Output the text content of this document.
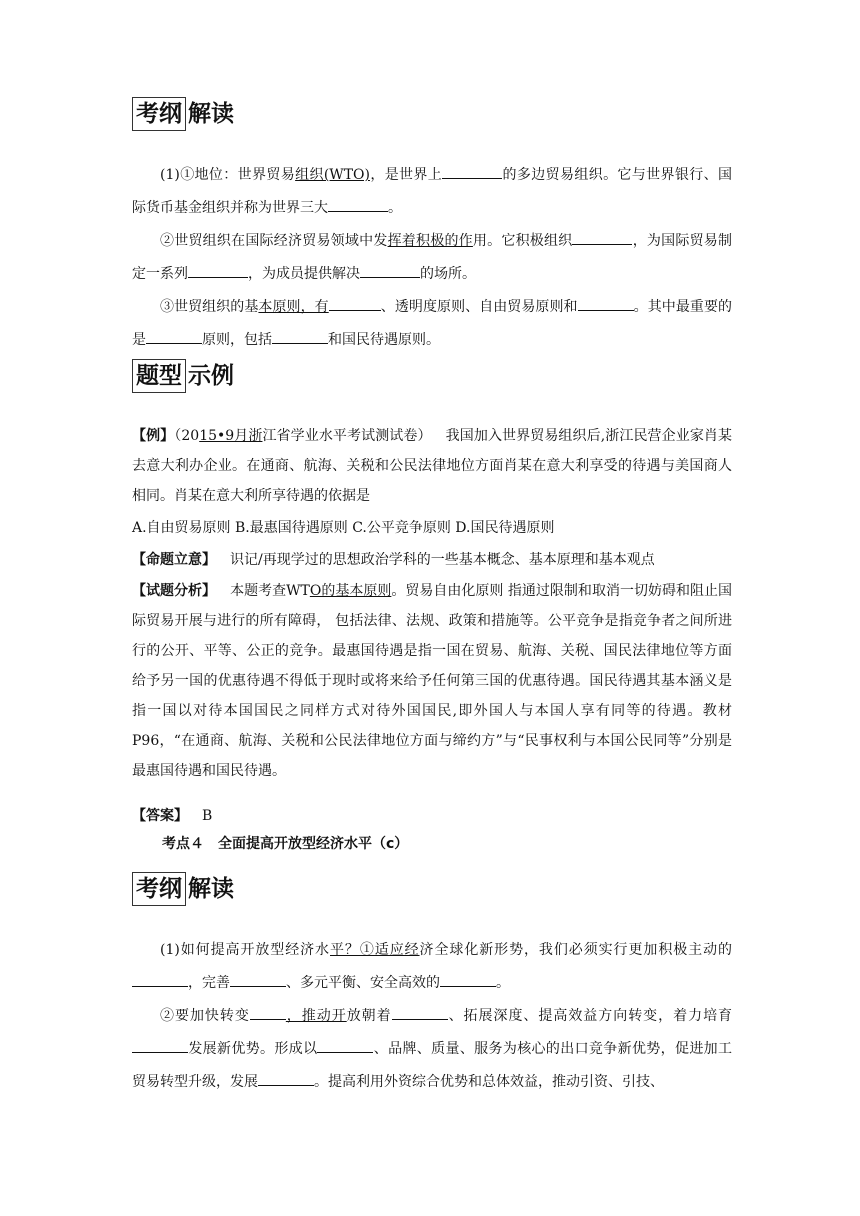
考纲 解读
(1)①地位：世界贸易组织(WTO)，是世界上	的多边贸易组织。它与世界银行、国际货币基金组织并称为世界三大	。
②世贸组织在国际经济贸易领域中发挥着积极的作用。它积极组织	，为国际贸易制定一系列	，为成员提供解决	的场所。
③世贸组织的基本原则，有	、透明度原则、自由贸易原则和	。其中最重要的是	原则，包括	和国民待遇原则。
题型 示例
【例】（2015•9月浙江省学业水平考试测试卷）  我国加入世界贸易组织后,浙江民营企业家肖某去意大利办企业。在通商、航海、关税和公民法律地位方面肖某在意大利享受的待遇与美国商人相同。肖某在意大利所享待遇的依据是
A.自由贸易原则 B.最惠国待遇原则 C.公平竞争原则 D.国民待遇原则
【命题立意】  识记/再现学过的思想政治学科的一些基本概念、基本原理和基本观点
【试题分析】  本题考查WTO的基本原则。贸易自由化原则 指通过限制和取消一切妨碍和阻止国际贸易开展与进行的所有障碍， 包括法律、法规、政策和措施等。公平竞争是指竞争者之间所进行的公开、平等、公正的竞争。最惠国待遇是指一国在贸易、航海、关税、国民法律地位等方面给予另一国的优惠待遇不得低于现时或将来给予任何第三国的优惠待遇。国民待遇其基本涵义是指一国以对待本国国民之同样方式对待外国国民,即外国人与本国人享有同等的待遇。教材P96，“在通商、航海、关税和公民法律地位方面与缔约方”与“民事权利与本国公民同等”分别是最惠国待遇和国民待遇。
【答案】  B
考点４　全面提高开放型经济水平（c）
考纲 解读
(1)如何提高开放型经济水平？①适应经济全球化新形势，我们必须实行更加积极主动的，完善	、多元平衡、安全高效的	。
②要加快转变	，推动开放朝着	、拓展深度、提高效益方向转变，着力培育发展新优势。形成以	、品牌、质量、服务为核心的出口竞争新优势，促进加工贸易转型升级，发展	。提高利用外资综合优势和总体效益，推动引资、引技、
